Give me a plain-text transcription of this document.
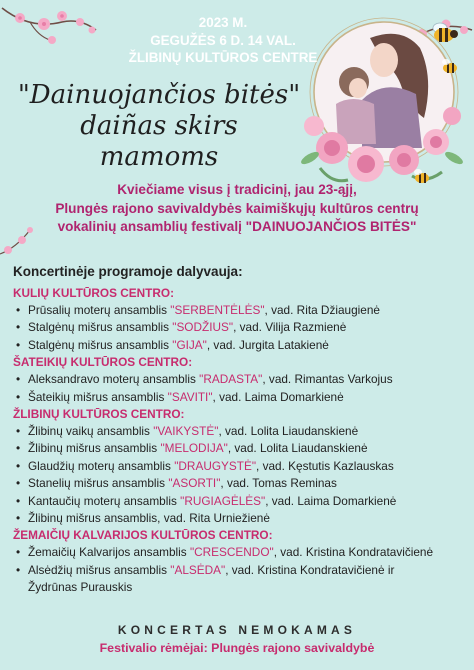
2023 M.
GEGUŽĖS 6 D. 14 VAL.
ŽLIBINŲ KULTŪROS CENTRE
"Dainuojančios bitės"
daiñas skirs
mamoms
Kviečiame visus į tradicinį, jau 23-ąjį,
Plungės rajono savivaldybės kaimiškųjų kultūros centrų
vokalinių ansamblių festivalį "DAINUOJANČIOS BITĖS"
Koncertinėje programoje dalyvauja:
KULIŲ KULTŪROS CENTRO:
• Prūsalių moterų ansamblis "SERBENTĖLĖS", vad. Rita Džiaugienė
• Stalgėnų mišrus ansamblis "SODŽIUS", vad. Vilija Razmienė
• Stalgėnų mišrus ansamblis "GIJA", vad. Jurgita Latakienė
ŠATEIKIŲ KULTŪROS CENTRO:
• Aleksandravo moterų ansamblis "RADASTA", vad. Rimantas Varkojus
• Šateikių mišrus ansamblis "SAVITI", vad. Laima Domarkienė
ŽLIBINŲ KULTŪROS CENTRO:
• Žlibinų vaikų ansamblis "VAIKYSTĖ", vad. Lolita Liaudanskienė
• Žlibinų mišrus ansamblis "MELODIJA", vad. Lolita Liaudanskienė
• Glaudžių moterų ansamblis "DRAUGYSTĖ", vad. Kęstutis Kazlauskas
• Stanelių mišrus ansamblis "ASORTI", vad. Tomas Reminas
• Kantaučių moterų ansamblis "RUGIAGĖLĖS", vad. Laima Domarkienė
• Žlibinų mišrus ansamblis, vad. Rita Urniežienė
ŽEMAIČIŲ KALVARIJOS KULTŪROS CENTRO:
• Žemaičių Kalvarijos ansamblis "CRESCENDO", vad. Kristina Kondratavičienė
• Alsėdžių mišrus ansamblis "ALSĖDA", vad. Kristina Kondratavičienė ir
Žydrūnas Purauskis
KONCERTAS NEMOKAMAS
Festivalio rėmėjai: Plungės rajono savivaldybė
